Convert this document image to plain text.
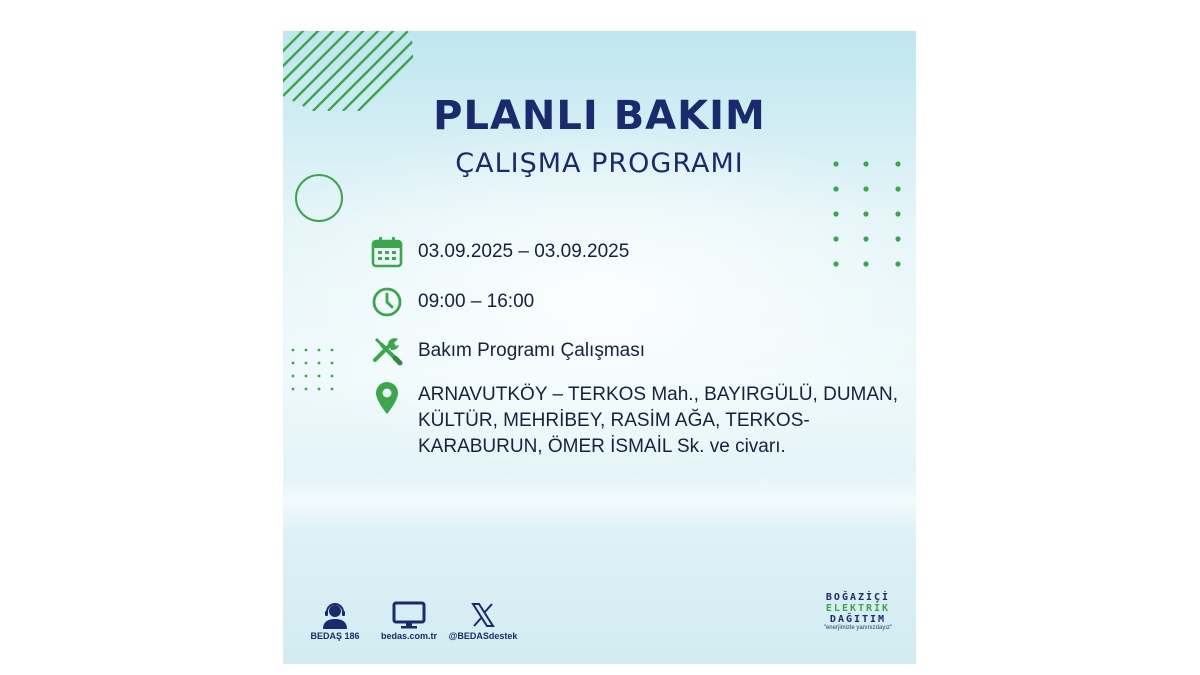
PLANLI BAKIM
ÇALIŞMA PROGRAMI
03.09.2025 – 03.09.2025
09:00 – 16:00
Bakım Programı Çalışması
ARNAVUTKÖY – TERKOS Mah., BAYIRGÜLÜ, DUMAN,
KÜLTÜR, MEHRİBEY, RASİM AĞA, TERKOS-
KARABURUN, ÖMER İSMAİL Sk. ve civarı.
BEDAŞ 186	bedas.com.tr	@BEDASdestek
BOĞAZİÇİ
ELEKTRİK
DAĞITIM
"enerjimizle yanınızdayız"
